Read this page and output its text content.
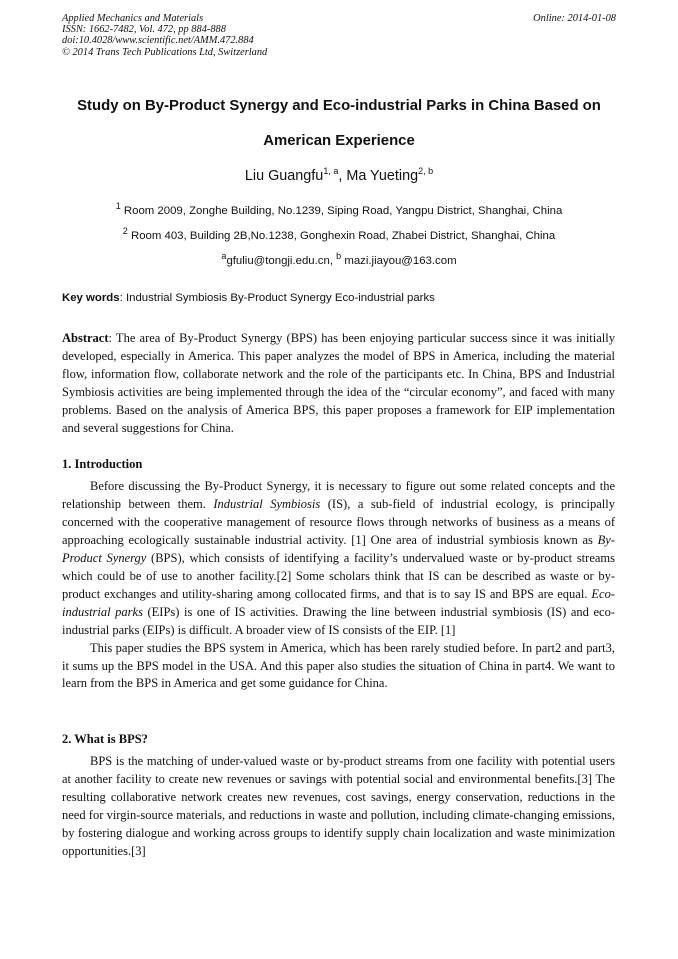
Applied Mechanics and Materials
ISSN: 1662-7482, Vol. 472, pp 884-888
doi:10.4028/www.scientific.net/AMM.472.884
© 2014 Trans Tech Publications Ltd, Switzerland
Online: 2014-01-08
Study on By-Product Synergy and Eco-industrial Parks in China Based on American Experience
Liu Guangfu$^{1, a}$, Ma Yueting$^{2, b}$
$^1$ Room 2009, Zonghe Building, No.1239, Siping Road, Yangpu District, Shanghai, China
$^2$ Room 403, Building 2B,No.1238, Gonghexin Road, Zhabei District, Shanghai, China
$^a$gfuliu@tongji.edu.cn, $^b$ mazi.jiayou@163.com
Key words: Industrial Symbiosis By-Product Synergy Eco-industrial parks
Abstract: The area of By-Product Synergy (BPS) has been enjoying particular success since it was initially developed, especially in America. This paper analyzes the model of BPS in America, including the material flow, information flow, collaborate network and the role of the participants etc. In China, BPS and Industrial Symbiosis activities are being implemented through the idea of the “circular economy”, and faced with many problems. Based on the analysis of America BPS, this paper proposes a framework for EIP implementation and several suggestions for China.
1. Introduction

Before discussing the By-Product Synergy, it is necessary to figure out some related concepts and the relationship between them. Industrial Symbiosis (IS), a sub-field of industrial ecology, is principally concerned with the cooperative management of resource flows through networks of business as a means of approaching ecologically sustainable industrial activity. [1] One area of industrial symbiosis known as By-Product Synergy (BPS), which consists of identifying a facility’s undervalued waste or by-product streams which could be of use to another facility.[2] Some scholars think that IS can be described as waste or by-product exchanges and utility-sharing among collocated firms, and that is to say IS and BPS are equal. Eco-industrial parks (EIPs) is one of IS activities. Drawing the line between industrial symbiosis (IS) and eco-industrial parks (EIPs) is difficult. A broader view of IS consists of the EIP. [1]

This paper studies the BPS system in America, which has been rarely studied before. In part2 and part3, it sums up the BPS model in the USA. And this paper also studies the situation of China in part4. We want to learn from the BPS in America and get some guidance for China.

2. What is BPS?

BPS is the matching of under-valued waste or by-product streams from one facility with potential users at another facility to create new revenues or savings with potential social and environmental benefits.[3] The resulting collaborative network creates new revenues, cost savings, energy conservation, reductions in the need for virgin-source materials, and reductions in waste and pollution, including climate-changing emissions, by fostering dialogue and working across groups to identify supply chain localization and waste minimization opportunities.[3]
